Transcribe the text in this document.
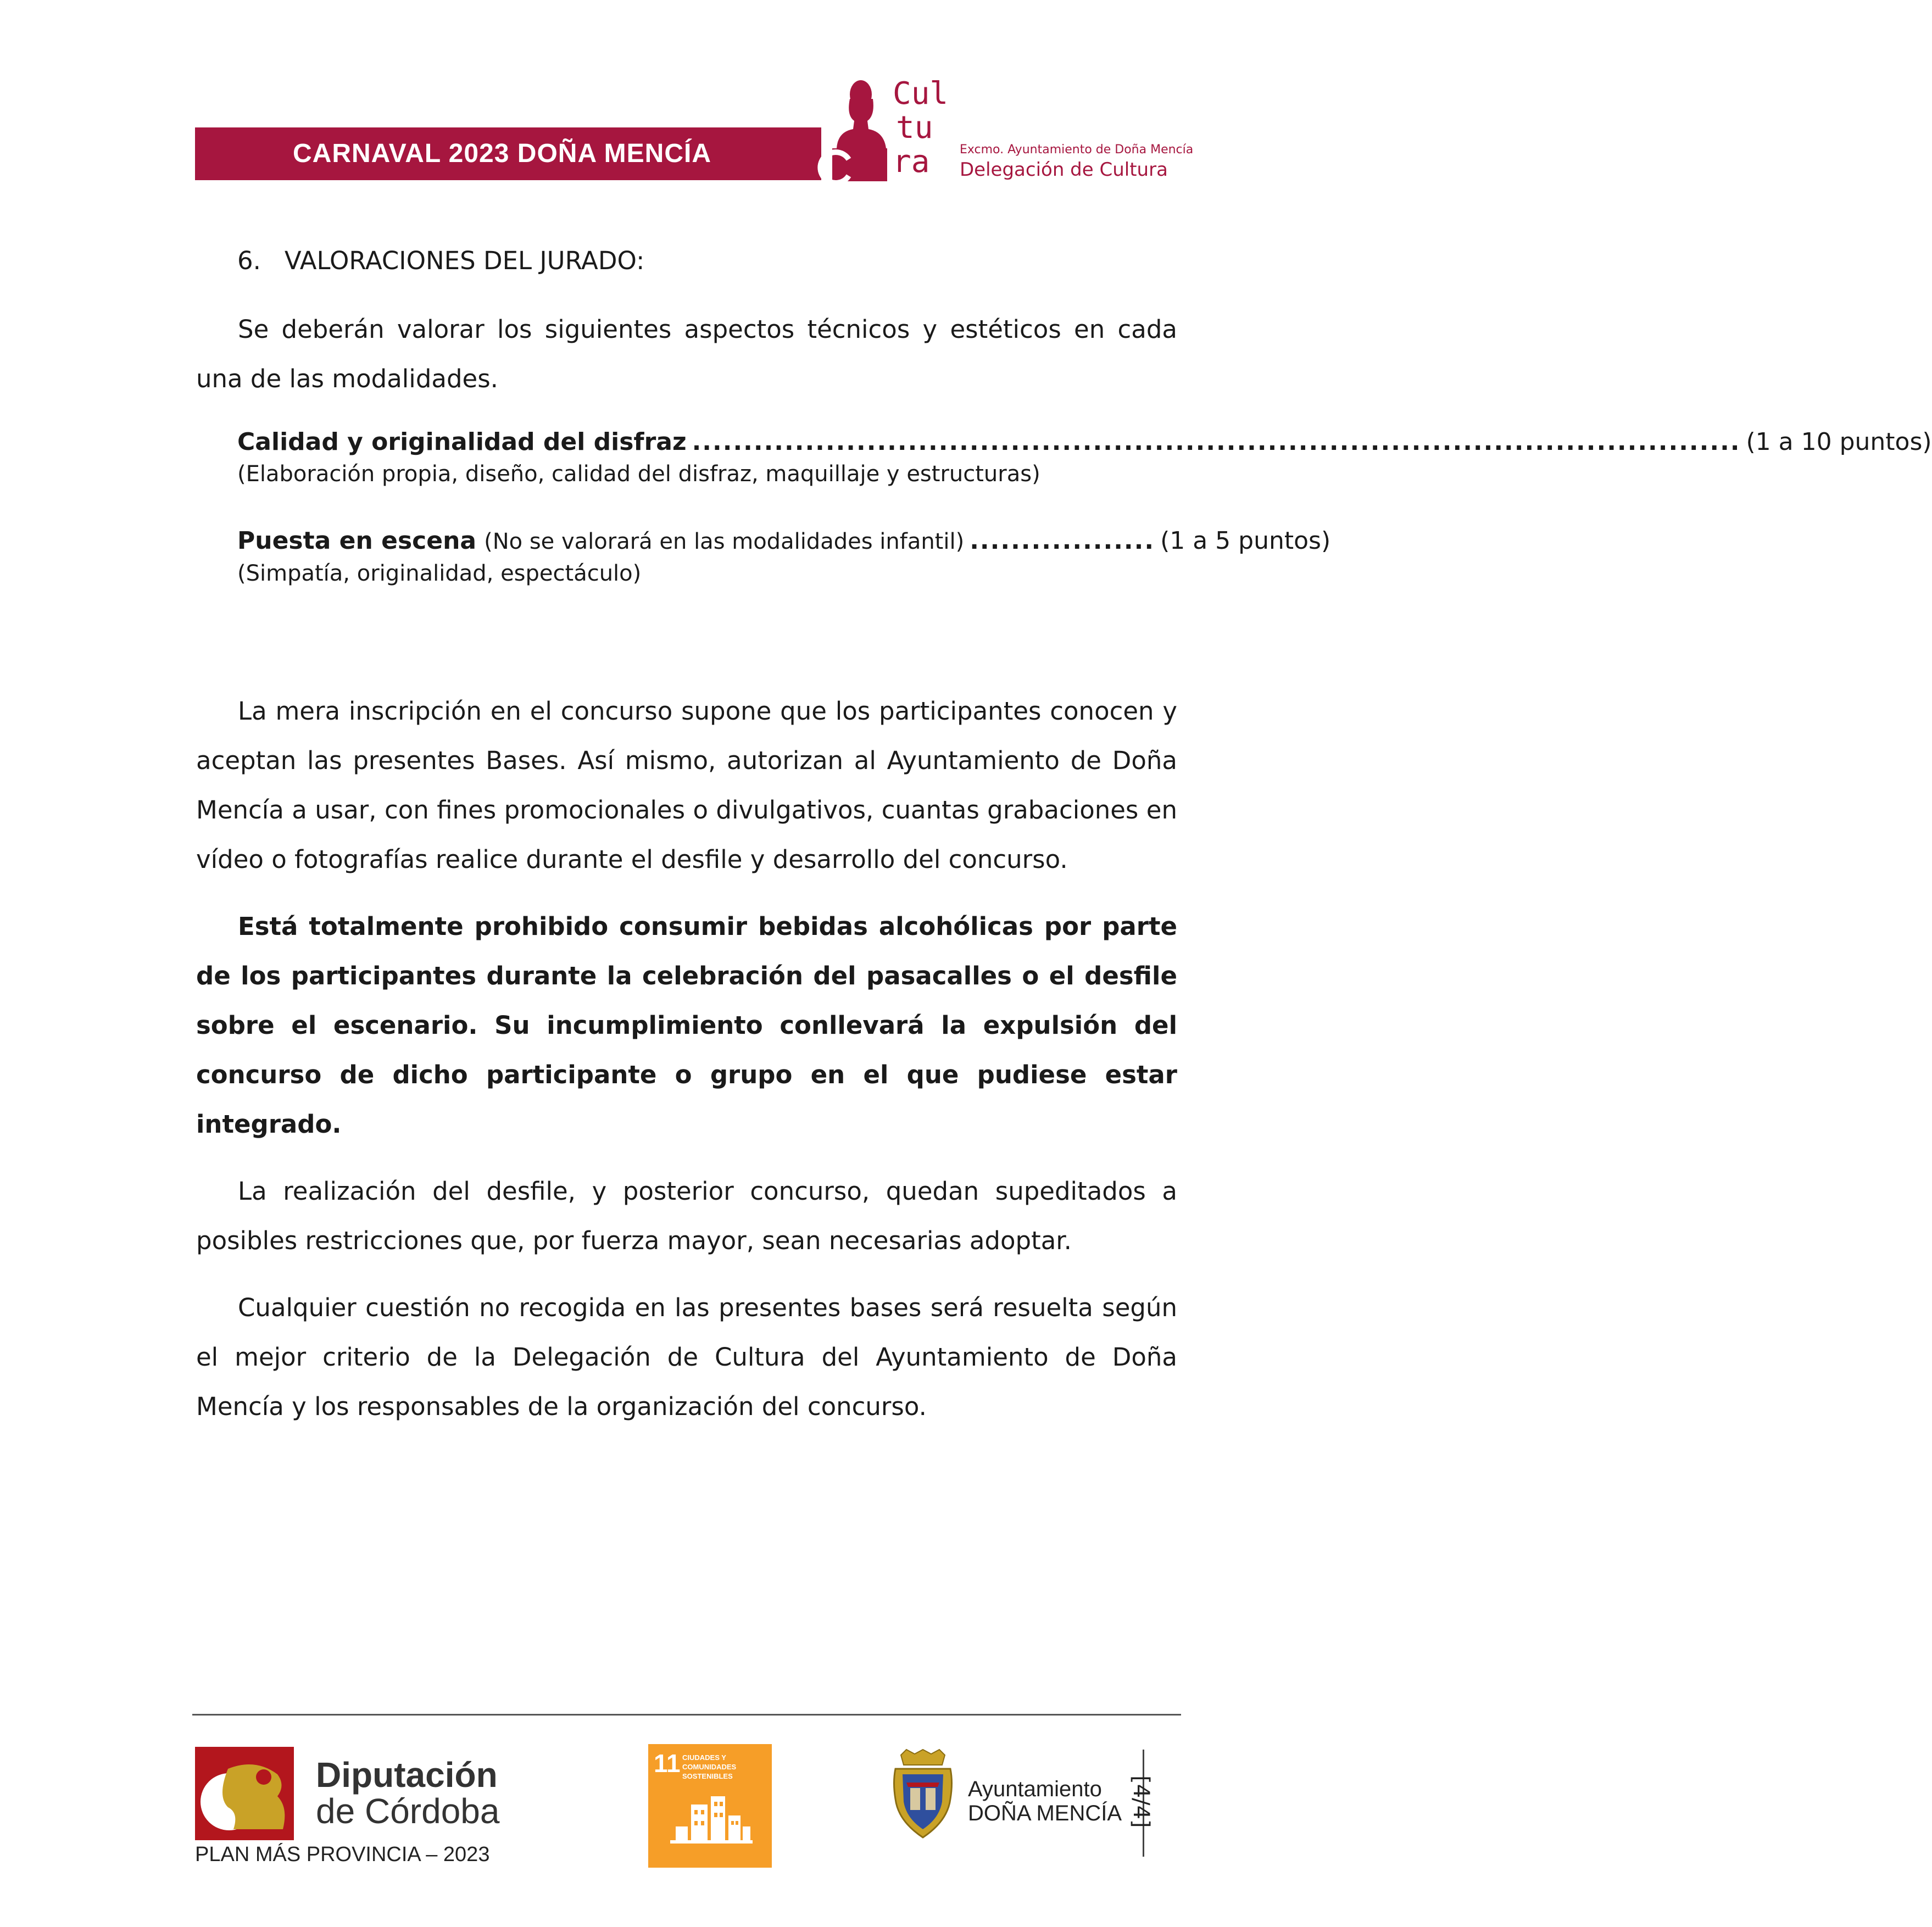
CARNAVAL 2023 DOÑA MENCÍA
Cul
tu
ra	Excmo. Ayuntamiento de Doña Mencía
Delegación de Cultura
6. VALORACIONES DEL JURADO:

Se deberán valorar los siguientes aspectos técnicos y estéticos en cada una de las modalidades.

Calidad y originalidad del disfraz ...................................................................................................... (1 a 10 puntos)
(Elaboración propia, diseño, calidad del disfraz, maquillaje y estructuras)
Puesta en escena
(No se valorará en las modalidades infantil) .................. (1 a 5 puntos)
(Simpatía, originalidad, espectáculo)

La mera inscripción en el concurso supone que los participantes conocen y aceptan las presentes Bases. Así mismo, autorizan al Ayuntamiento de Doña Mencía a usar, con fines promocionales o divulgativos, cuantas grabaciones en vídeo o fotografías realice durante el desfile y desarrollo del concurso.

Está totalmente prohibido consumir bebidas alcohólicas por parte de los participantes durante la celebración del pasacalles o el desfile sobre el escenario. Su incumplimiento conllevará la expulsión del concurso de dicho participante o grupo en el que pudiese estar integrado.

La realización del desfile, y posterior concurso, quedan supeditados a posibles restricciones que, por fuerza mayor, sean necesarias adoptar.

Cualquier cuestión no recogida en las presentes bases será resuelta según el mejor criterio de la Delegación de Cultura del Ayuntamiento de Doña Mencía y los responsables de la organización del concurso.

Diputación
de Córdoba
PLAN MÁS PROVINCIA – 2023
11 CIUDADES Y COMUNIDADES SOSTENIBLES
Ayuntamiento
DOÑA MENCÍA [4/4]
